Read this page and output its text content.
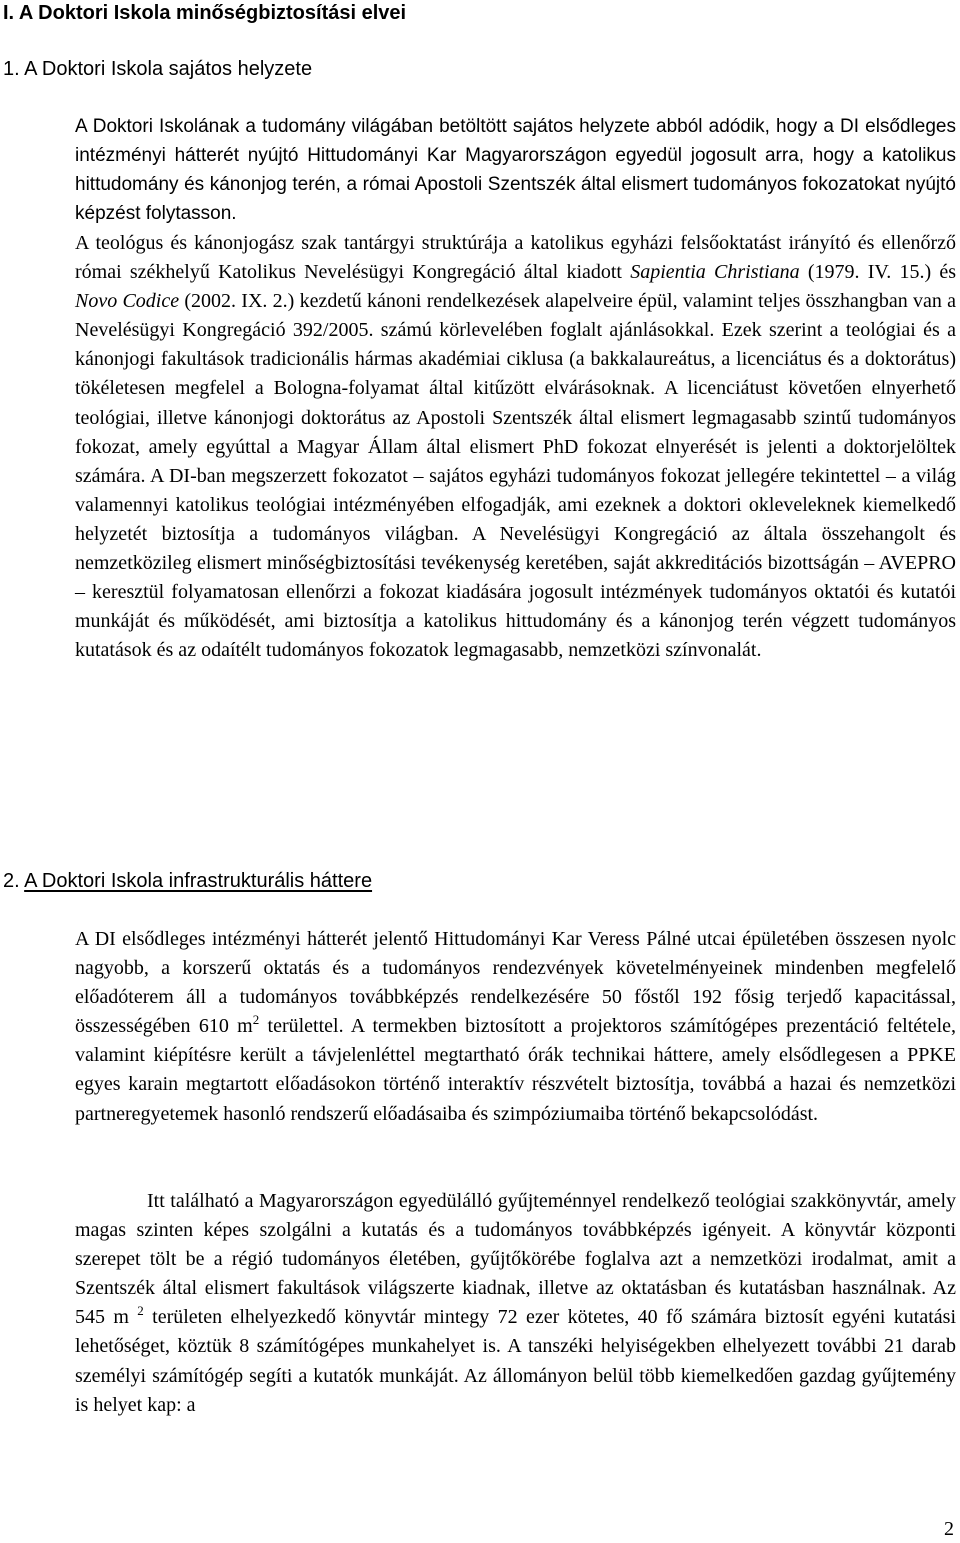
I. A Doktori Iskola minőségbiztosítási elvei
1. A Doktori Iskola sajátos helyzete

A Doktori Iskolának a tudomány világában betöltött sajátos helyzete abból adódik, hogy a DI elsődleges intézményi hátterét nyújtó Hittudományi Kar Magyarországon egyedül jogosult arra, hogy a katolikus hittudomány és kánonjog terén, a római Apostoli Szentszék által elismert tudományos fokozatokat nyújtó képzést folytasson.

A teológus és kánonjogász szak tantárgyi struktúrája a katolikus egyházi felsőoktatást irányító és ellenőrző római székhelyű Katolikus Nevelésügyi Kongregáció által kiadott Sapientia Christiana (1979. IV. 15.) és Novo Codice (2002. IX. 2.) kezdetű kánoni rendelkezések alapelveire épül, valamint teljes összhangban van a Nevelésügyi Kongregáció 392/2005. számú körlevelében foglalt ajánlásokkal. Ezek szerint a teológiai és a kánonjogi fakultások tradicionális hármas akadémiai ciklusa (a bakkalaureátus, a licenciátus és a doktorátus) tökéletesen megfelel a Bologna-folyamat által kitűzött elvárásoknak. A licenciátust követően elnyerhető teológiai, illetve kánonjogi doktorátus az Apostoli Szentszék által elismert legmagasabb szintű tudományos fokozat, amely egyúttal a Magyar Állam által elismert PhD fokozat elnyerését is jelenti a doktorjelöltek számára. A DI-ban megszerzett fokozatot – sajátos egyházi tudományos fokozat jellegére tekintettel – a világ valamennyi katolikus teológiai intézményében elfogadják, ami ezeknek a doktori okleveleknek kiemelkedő helyzetét biztosítja a tudományos világban. A Nevelésügyi Kongregáció az általa összehangolt és nemzetközileg elismert minőségbiztosítási tevékenység keretében, saját akkreditációs bizottságán – AVEPRO – keresztül folyamatosan ellenőrzi a fokozat kiadására jogosult intézmények tudományos oktatói és kutatói munkáját és működését, ami biztosítja a katolikus hittudomány és a kánonjog terén végzett tudományos kutatások és az odaítélt tudományos fokozatok legmagasabb, nemzetközi színvonalát.

2. A Doktori Iskola infrastrukturális háttere

A DI elsődleges intézményi hátterét jelentő Hittudományi Kar Veress Pálné utcai épületében összesen nyolc nagyobb, a korszerű oktatás és a tudományos rendezvények követelményeinek mindenben megfelelő előadóterem áll a tudományos továbbképzés rendelkezésére 50 főstől 192 fősig terjedő kapacitással, összességében 610 $m^2$ területtel. A termekben biztosított a projektoros számítógépes prezentáció feltétele, valamint kiépítésre került a távjelenléttel megtartható órák technikai háttere, amely elsődlegesen a PPKE egyes karain megtartott előadásokon történő interaktív részvételt biztosítja, továbbá a hazai és nemzetközi partneregyetemek hasonló rendszerű előadásaiba és szimpóziumaiba történő bekapcsolódást.

Itt található a Magyarországon egyedülálló gyűjteménnyel rendelkező teológiai szakkönyvtár, amely magas szinten képes szolgálni a kutatás és a tudományos továbbképzés igényeit. A könyvtár központi szerepet tölt be a régió tudományos életében, gyűjtőkörébe foglalva azt a nemzetközi irodalmat, amit a Szentszék által elismert fakultások világszerte kiadnak, illetve az oktatásban és kutatásban használnak. Az 545 m $^2$ területen elhelyezkedő könyvtár mintegy 72 ezer kötetes, 40 fő számára biztosít egyéni kutatási lehetőséget, köztük 8 számítógépes munkahelyet is. A tanszéki helyiségekben elhelyezett további 21 darab személyi számítógép segíti a kutatók munkáját. Az állományon belül több kiemelkedően gazdag gyűjtemény is helyet kap: a

2
